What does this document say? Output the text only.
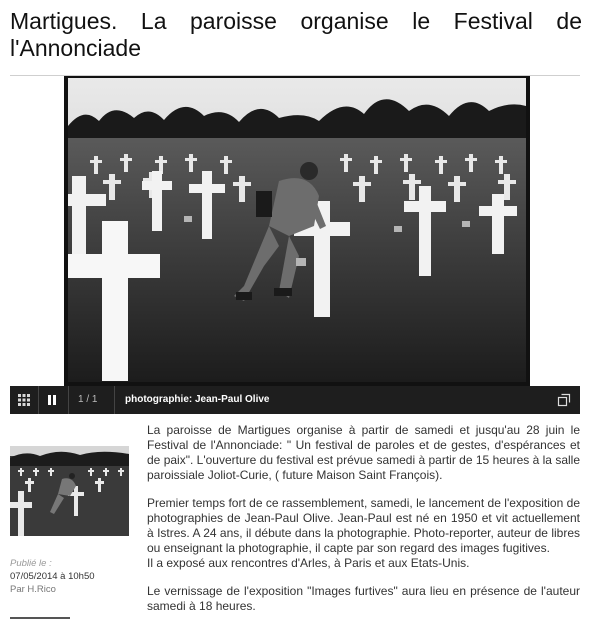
Martigues. La paroisse organise le Festival de l'Annonciade
1 / 1	photographie: Jean-Paul Olive
Publié le :
07/05/2014 à 10h50
Par H.Rico

La paroisse de Martigues organise à partir de samedi et jusqu'au 28 juin le Festival de l'Annonciade: " Un festival de paroles et de gestes, d'espérances et de paix". L'ouverture du festival est prévue samedi à partir de 15 heures à la salle paroissiale Joliot-Curie, ( future Maison Saint François).

Premier temps fort de ce rassemblement, samedi, le lancement de l'exposition de photographies de Jean-Paul Olive. Jean-Paul est né en 1950 et vit actuellement à Istres. A 24 ans, il débute dans la photographie. Photo-reporter, auteur de libres ou enseignant la photographie, il capte par son regard des images fugitives.

Il a exposé aux rencontres d'Arles, à Paris et aux Etats-Unis.

Le vernissage de l'exposition "Images furtives" aura lieu en présence de l'auteur samedi à 18 heures.
